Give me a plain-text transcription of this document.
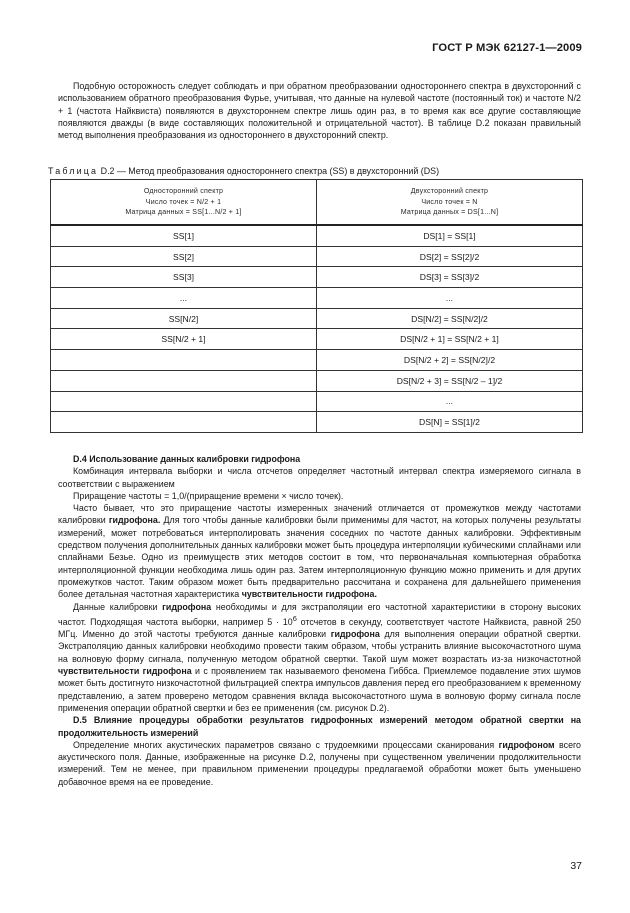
ГОСТ Р МЭК 62127-1—2009

Подобную осторожность следует соблюдать и при обратном преобразовании одностороннего спектра в двухсторонний с использованием обратного преобразования Фурье, учитывая, что данные на нулевой частоте (постоянный ток) и частоте N/2 + 1 (частота Найквиста) появляются в двухстороннем спектре лишь один раз, в то время как все другие составляющие появляются дважды (в виде составляющих положительной и отрицательной частот). В таблице D.2 показан правильный метод выполнения преобразования из одностороннего в двухсторонний спектр.

Таблица D.2 — Метод преобразования одностороннего спектра (SS) в двухсторонний (DS)
Односторонний спектр
Число точек = N/2 + 1
Матрица данных = SS[1...N/2 + 1]	Двухсторонний спектр
Число точек = N
Матрица данных = DS[1...N]
SS[1]	DS[1] = SS[1]
SS[2]	DS[2] = SS[2]/2
SS[3]	DS[3] = SS[3]/2
...	...
SS[N/2]	DS[N/2] = SS[N/2]/2
SS[N/2 + 1]	DS[N/2 + 1] = SS[N/2 + 1]
	DS[N/2 + 2] = SS[N/2]/2
	DS[N/2 + 3] = SS[N/2 – 1]/2
	...
	DS[N] = SS[1]/2

D.4 Использование данных калибровки гидрофона

Комбинация интервала выборки и числа отсчетов определяет частотный интервал спектра измеряемого сигнала в соответствии с выражением

Приращение частоты = 1,0/(приращение времени × число точек).

Часто бывает, что это приращение частоты измеренных значений отличается от промежутков между частотами калибровки гидрофона. Для того чтобы данные калибровки были применимы для частот, на которых получены результаты измерений, может потребоваться интерполировать значения соседних по частоте данных калибровки. Эффективным средством получения дополнительных данных калибровки может быть процедура интерполяции кубическими сплайнами или сплайнами Безье. Одно из преимуществ этих методов состоит в том, что первоначальная компьютерная обработка интерполяционной функции необходима лишь один раз. Затем интерполяционную функцию можно применить и для других промежутков частот. Таким образом может быть предварительно рассчитана и сохранена для дальнейшего применения более детальная частотная характеристика чувствительности гидрофона.

Данные калибровки гидрофона необходимы и для экстраполяции его частотной характеристики в сторону высоких частот. Подходящая частота выборки, например $5 \cdot 10^6$ отсчетов в секунду, соответствует частоте Найквиста, равной 250 МГц. Именно до этой частоты требуются данные калибровки гидрофона для выполнения операции обратной свертки. Экстраполяцию данных калибровки необходимо провести таким образом, чтобы устранить влияние высокочастотного шума на волновую форму сигнала, полученную методом обратной свертки. Такой шум может возрастать из-за низкочастотной чувствительности гидрофона и с проявлением так называемого феномена Гиббса. Приемлемое подавление этих шумов может быть достигнуто низкочастотной фильтрацией спектра импульсов давления перед его преобразованием к временному представлению, а затем проверено методом сравнения вклада высокочастотного шума в волновую форму сигнала после применения операции обратной свертки и без ее применения (см. рисунок D.2).

D.5 Влияние процедуры обработки результатов гидрофонных измерений методом обратной свертки на продолжительность измерений

Определение многих акустических параметров связано с трудоемкими процессами сканирования гидрофоном всего акустического поля. Данные, изображенные на рисунке D.2, получены при существенном увеличении продолжительности измерений. Тем не менее, при правильном применении процедуры предлагаемой обработки может быть уменьшено добавочное время на ее проведение.

37
